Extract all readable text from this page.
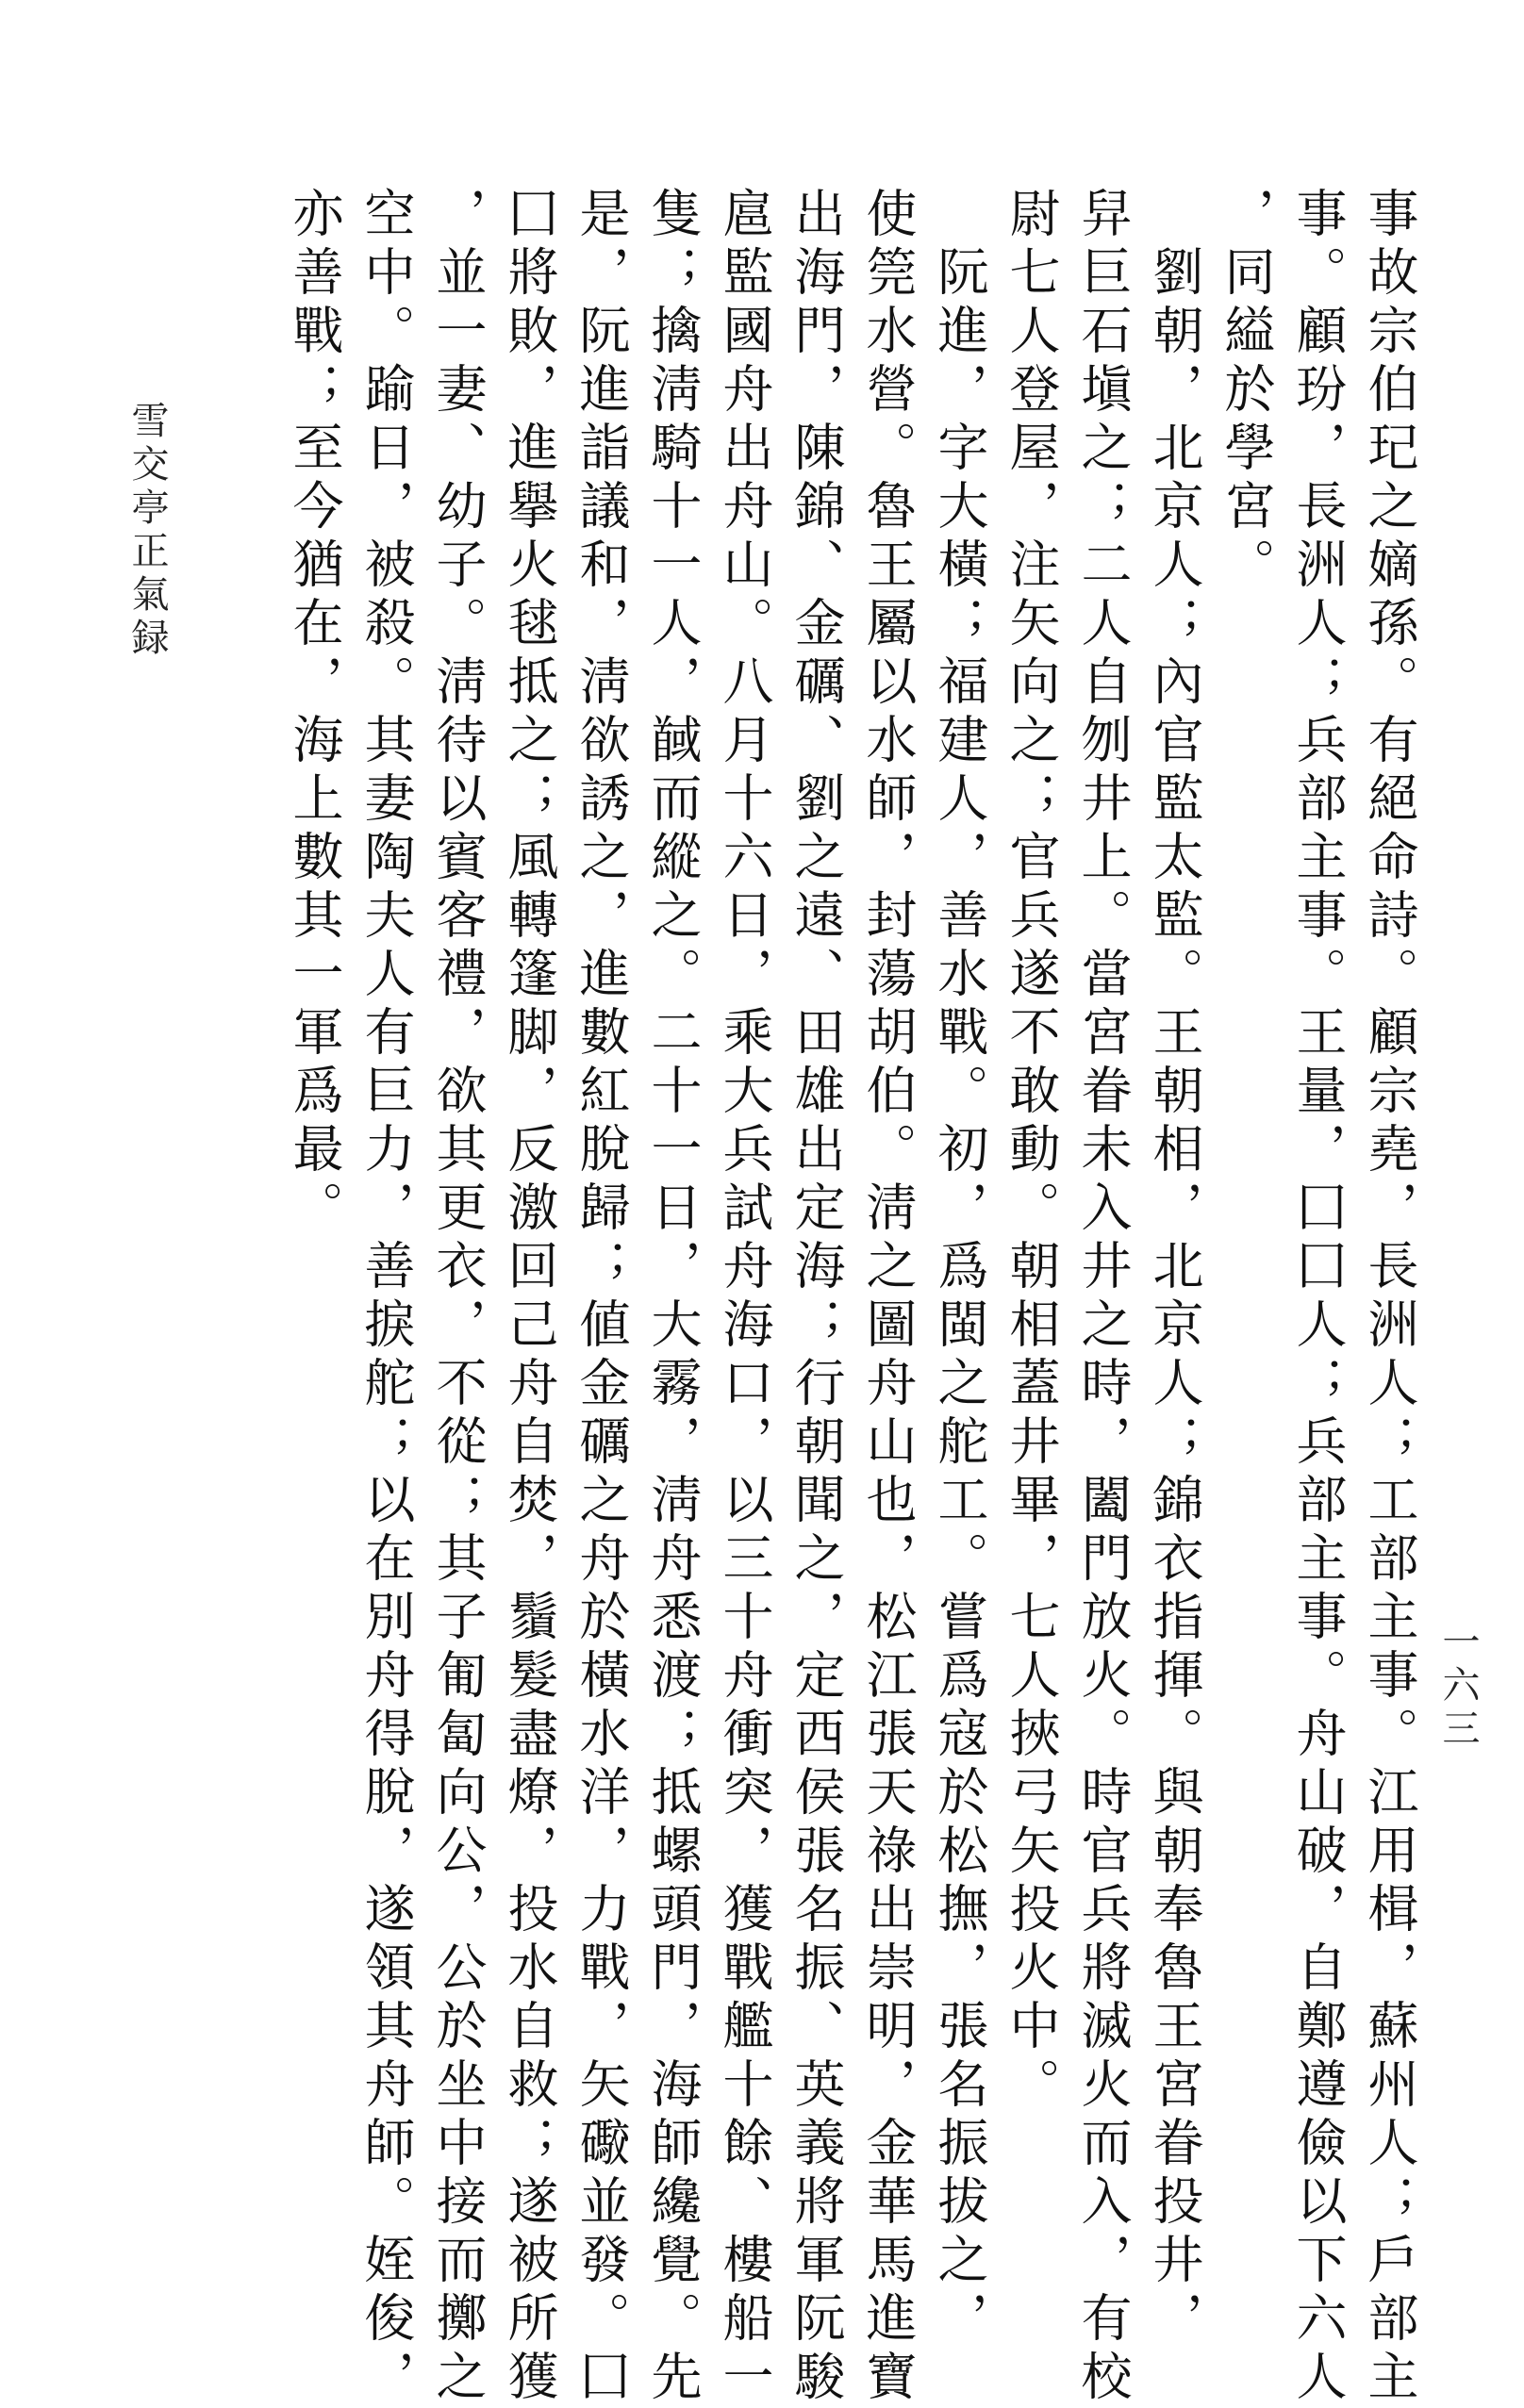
事故宗伯玘之嫡孫。有絕命詩。顧宗堯，長洲人；工部主事。江用楫，蘇州人；戶部主
事。顧玢，長洲人；兵部主事。王量，囗囗人；兵部主事。舟山破，自鄭遵儉以下六人
，同縊於學宮。
　劉朝，北京人；內官監太監。王朝相，北京人；錦衣指揮。與朝奉魯王宮眷投井，
舁巨石塡之；二人自刎井上。當宮眷未入井之時，闔門放火。時官兵將滅火而入，有校
尉七人登屋，注矢向之；官兵遂不敢動。朝相蓋井畢，七人挾弓矢投火中。
　阮進，字大橫；福建人，善水戰。初，爲閩之舵工。嘗爲寇於松撫，張名振拔之，
使筦水營。魯王屬以水師，封蕩胡伯。淸之圖舟山也，松江張天祿出崇明，金華馬進寶
出海門，陳錦、金礪、劉之遠、田雄出定海；行朝聞之，定西侯張名振、英義將軍阮駿
扈監國舟出舟山。八月十六日，乘大兵試舟海口，以三十舟衝突，獲戰艦十餘、樓船一
隻；擒淸騎十一人，馘而縱之。二十一日，大霧，淸舟悉渡；抵螺頭門，海師纔覺。先
是，阮進詣議和，淸欲誘之，進數紅脫歸；値金礪之舟於橫水洋，力戰，矢礮並發。囗
囗將敗，進擧火毬抵之；風轉篷脚，反激回己舟自焚，鬚髮盡燎，投水自救；遂被所獲
，並一妻、幼子。淸待以賓客禮，欲其更衣，不從；其子匍匐向公，公於坐中接而擲之
空中。踰日，被殺。其妻陶夫人有巨力，善捩舵；以在別舟得脫，遂領其舟師。姪俊，
亦善戰；至今猶在，海上數其一軍爲最。
雪交亭正氣録
一六三
